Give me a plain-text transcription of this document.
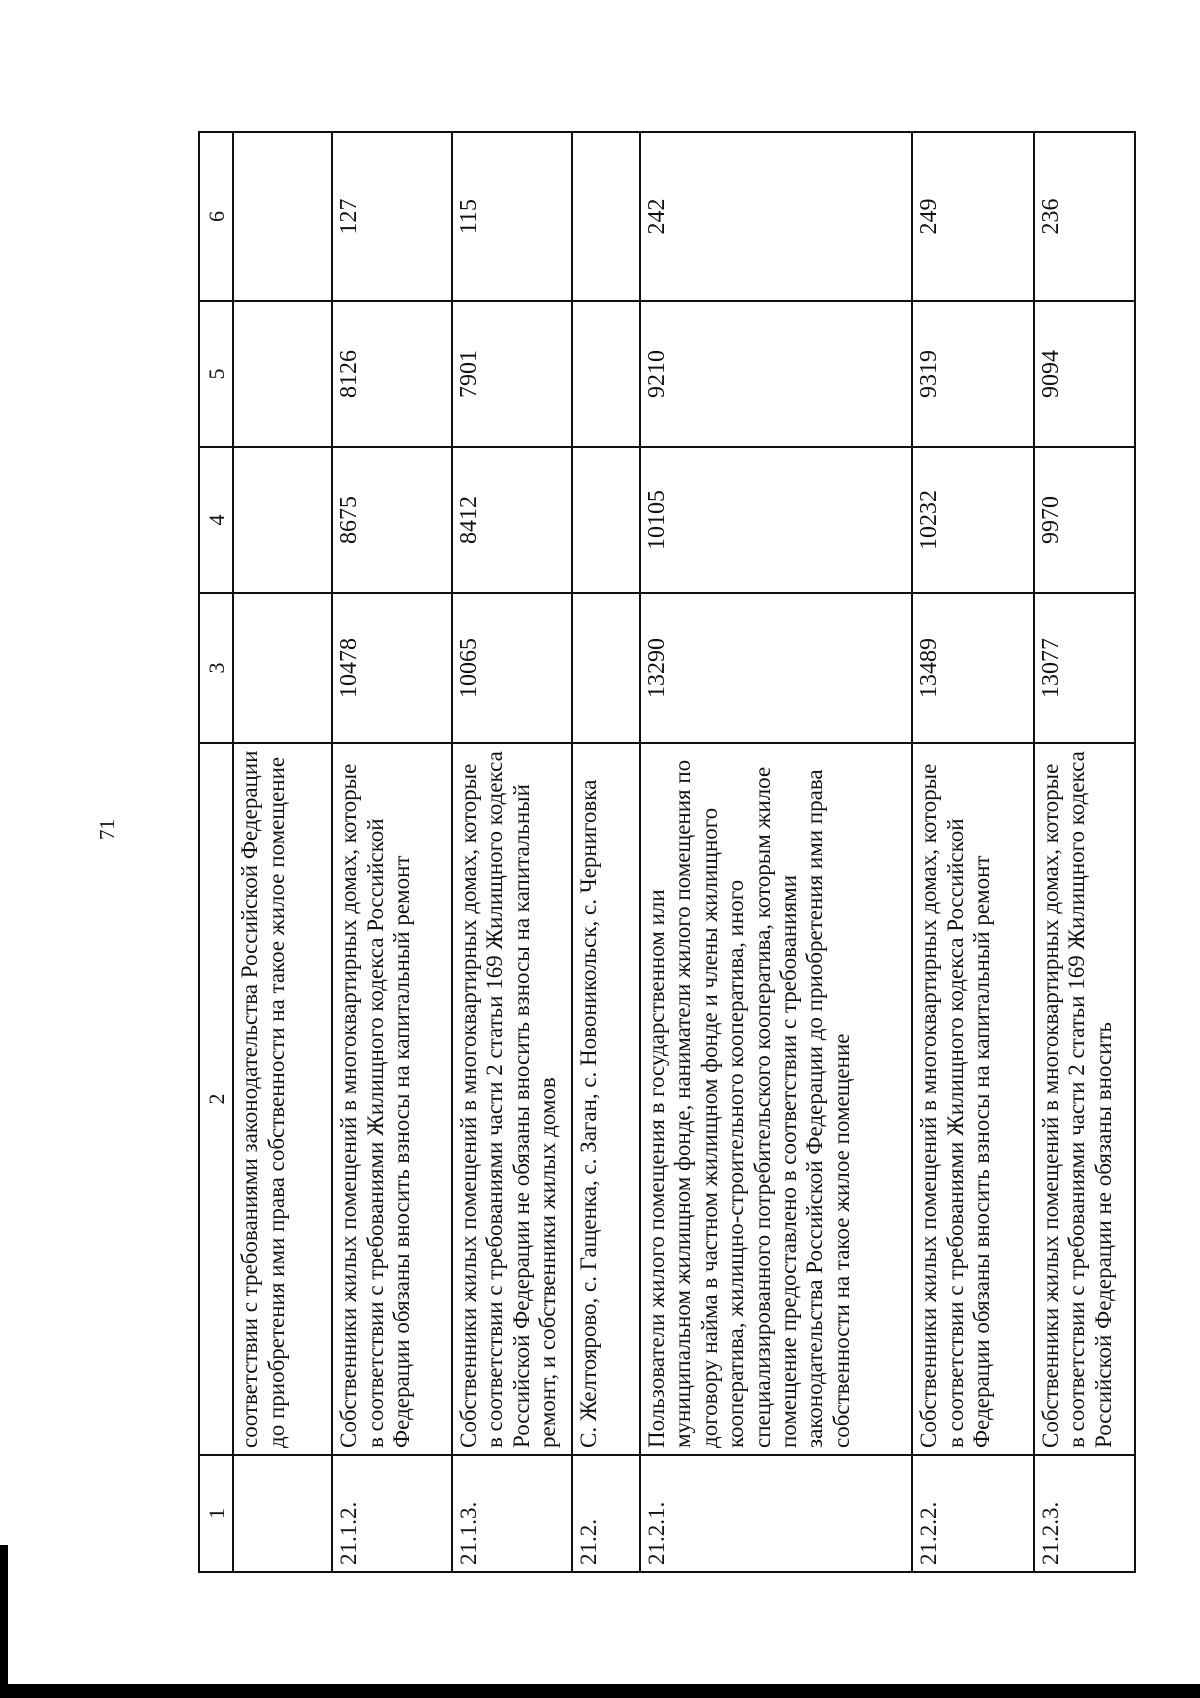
71
1	2	3	4	5	6
	соответствии с требованиями законодательства Российской Федерации до приобретения ими права собственности на такое жилое помещение				
21.1.2.	Собственники жилых помещений в многоквартирных домах, которые в соответствии с требованиями Жилищного кодекса Российской Федерации обязаны вносить взносы на капитальный ремонт	10478	8675	8126	127
21.1.3.	Собственники жилых помещений в многоквартирных домах, которые в соответствии с требованиями части 2 статьи 169 Жилищного кодекса Российской Федерации не обязаны вносить взносы на капитальный ремонт, и собственники жилых домов	10065	8412	7901	115
21.2.	С. Желтоярово, с. Гащенка, с. Заган, с. Новоникольск, с. Черниговка				
21.2.1.	Пользователи жилого помещения в государственном или муниципальном жилищном фонде, наниматели жилого помещения по договору найма в частном жилищном фонде и члены жилищного кооператива, жилищно-строительного кооператива, иного специализированного потребительского кооператива, которым жилое помещение предоставлено в соответствии с требованиями законодательства Российской Федерации до приобретения ими права собственности на такое жилое помещение	13290	10105	9210	242
21.2.2.	Собственники жилых помещений в многоквартирных домах, которые в соответствии с требованиями Жилищного кодекса Российской Федерации обязаны вносить взносы на капитальный ремонт	13489	10232	9319	249
21.2.3.	Собственники жилых помещений в многоквартирных домах, которые в соответствии с требованиями части 2 статьи 169 Жилищного кодекса Российской Федерации не обязаны вносить	13077	9970	9094	236
